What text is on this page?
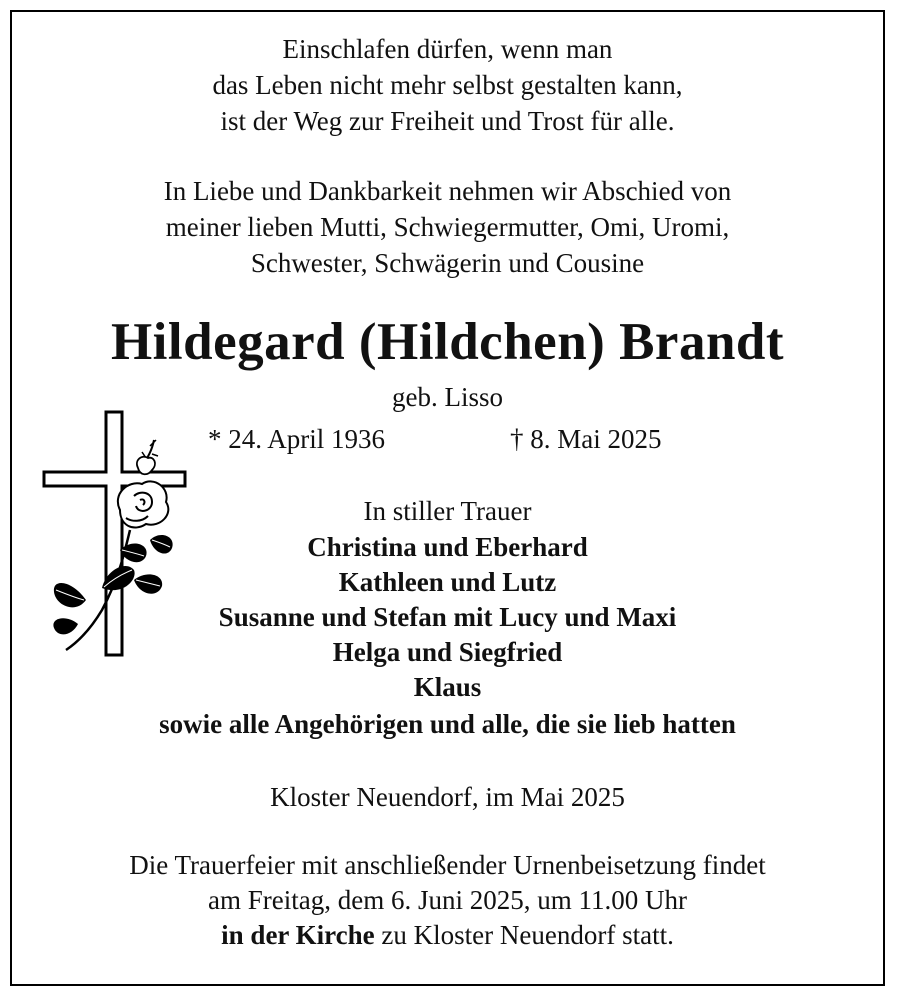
Einschlafen dürfen, wenn man
das Leben nicht mehr selbst gestalten kann,
ist der Weg zur Freiheit und Trost für alle.
In Liebe und Dankbarkeit nehmen wir Abschied von
meiner lieben Mutti, Schwiegermutter, Omi, Uromi,
Schwester, Schwägerin und Cousine
Hildegard (Hildchen) Brandt
geb. Lisso
* 24. April 1936	† 8. Mai 2025
In stiller Trauer
Christina und Eberhard
Kathleen und Lutz
Susanne und Stefan mit Lucy und Maxi
Helga und Siegfried
Klaus
sowie alle Angehörigen und alle, die sie lieb hatten
Kloster Neuendorf, im Mai 2025
Die Trauerfeier mit anschließender Urnenbeisetzung findet
am Freitag, dem 6. Juni 2025, um 11.00 Uhr
in der Kirche zu Kloster Neuendorf statt.
